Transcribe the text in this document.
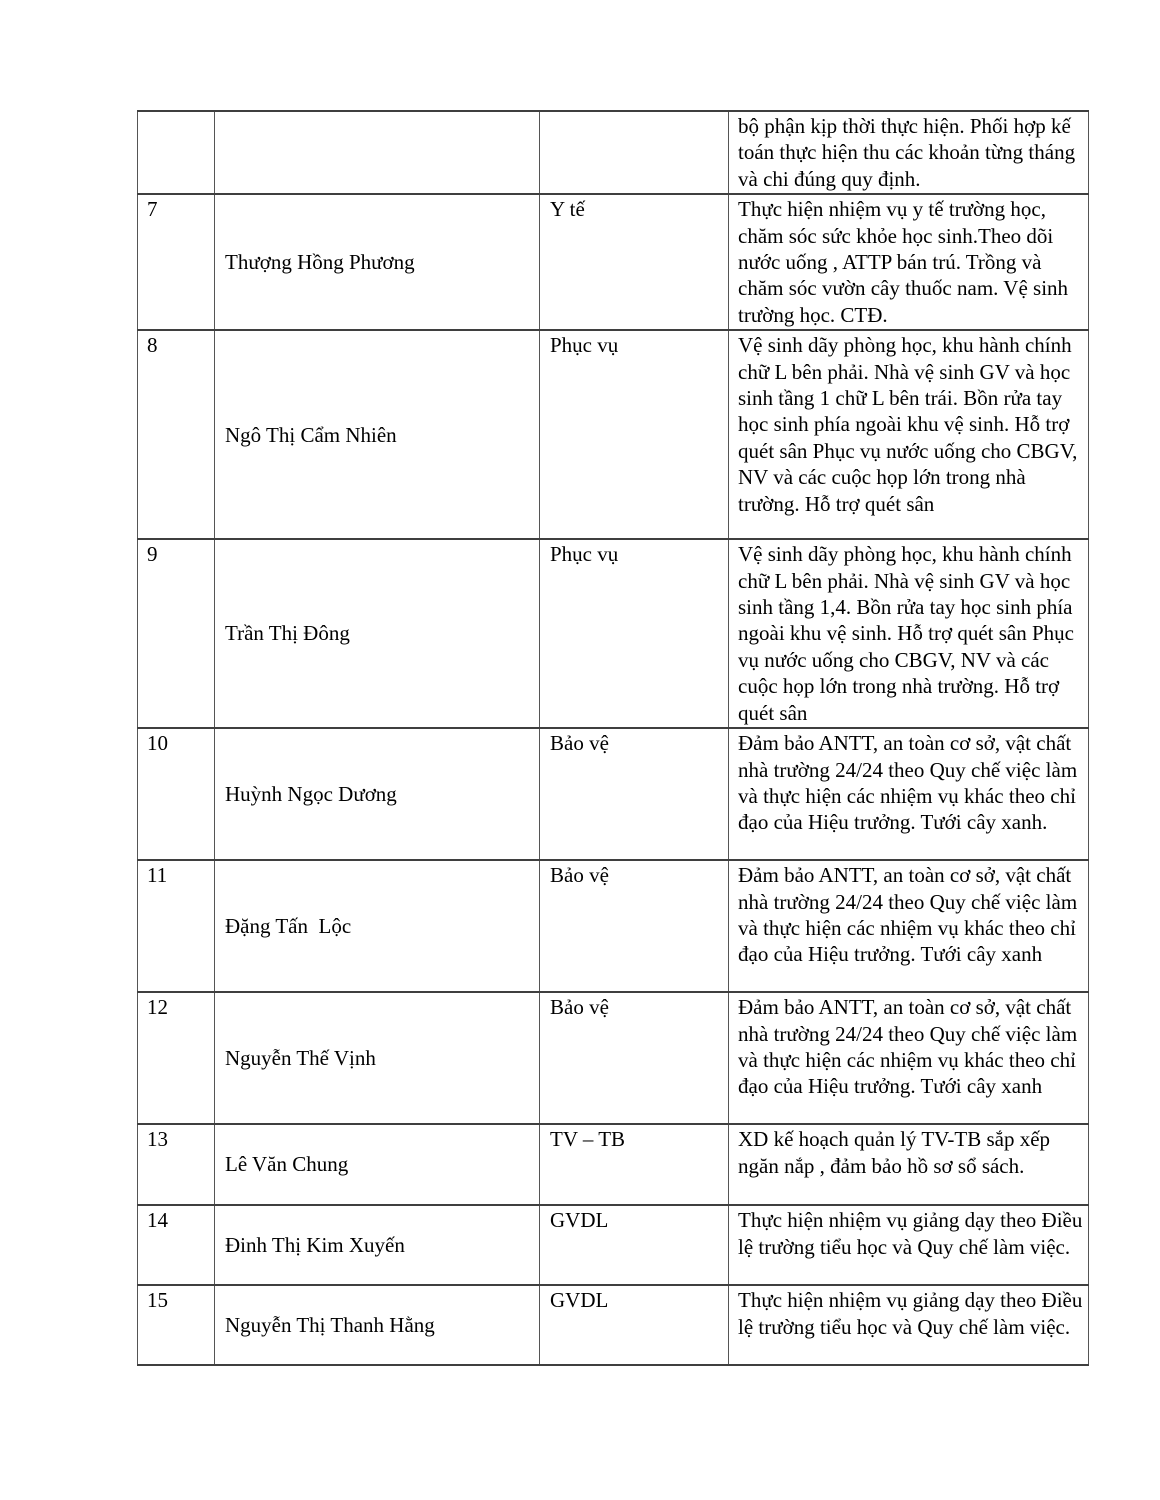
			bộ phận kịp thời thực hiện. Phối hợp kế toán thực hiện thu các khoản từng tháng và chi đúng quy định.
7	Thượng Hồng Phương	Y tế	Thực hiện nhiệm vụ y tế trường học, chăm sóc sức khỏe học sinh.Theo dõi nước uống , ATTP bán trú. Trồng và chăm sóc vườn cây thuốc nam. Vệ sinh trường học. CTĐ.
8	Ngô Thị Cẩm Nhiên	Phục vụ	Vệ sinh dãy phòng học, khu hành chính chữ L bên phải. Nhà vệ sinh GV và học sinh tầng 1 chữ L bên trái. Bồn rửa tay học sinh phía ngoài khu vệ sinh. Hỗ trợ quét sân Phục vụ nước uống cho CBGV, NV và các cuộc họp lớn trong nhà trường. Hỗ trợ quét sân
9	Trần Thị Đông	Phục vụ	Vệ sinh dãy phòng học, khu hành chính chữ L bên phải. Nhà vệ sinh GV và học sinh tầng 1,4. Bồn rửa tay học sinh phía ngoài khu vệ sinh. Hỗ trợ quét sân Phục vụ nước uống cho CBGV, NV và các cuộc họp lớn trong nhà trường. Hỗ trợ quét sân
10	Huỳnh Ngọc Dương	Bảo vệ	Đảm bảo ANTT, an toàn cơ sở, vật chất nhà trường 24/24 theo Quy chế việc làm và thực hiện các nhiệm vụ khác theo chỉ đạo của Hiệu trưởng. Tưới cây xanh.
11	Đặng Tấn  Lộc	Bảo vệ	Đảm bảo ANTT, an toàn cơ sở, vật chất nhà trường 24/24 theo Quy chế việc làm và thực hiện các nhiệm vụ khác theo chỉ đạo của Hiệu trưởng. Tưới cây xanh
12	Nguyễn Thế Vịnh	Bảo vệ	Đảm bảo ANTT, an toàn cơ sở, vật chất nhà trường 24/24 theo Quy chế việc làm và thực hiện các nhiệm vụ khác theo chỉ đạo của Hiệu trưởng. Tưới cây xanh
13	Lê Văn Chung	TV – TB	XD kế hoạch quản lý TV-TB sắp xếp ngăn nắp , đảm bảo hồ sơ sổ sách.
14	Đinh Thị Kim Xuyến	GVDL	Thực hiện nhiệm vụ giảng dạy theo Điều lệ trường tiểu học và Quy chế làm việc.
15	Nguyễn Thị Thanh Hằng	GVDL	Thực hiện nhiệm vụ giảng dạy theo Điều lệ trường tiểu học và Quy chế làm việc.
